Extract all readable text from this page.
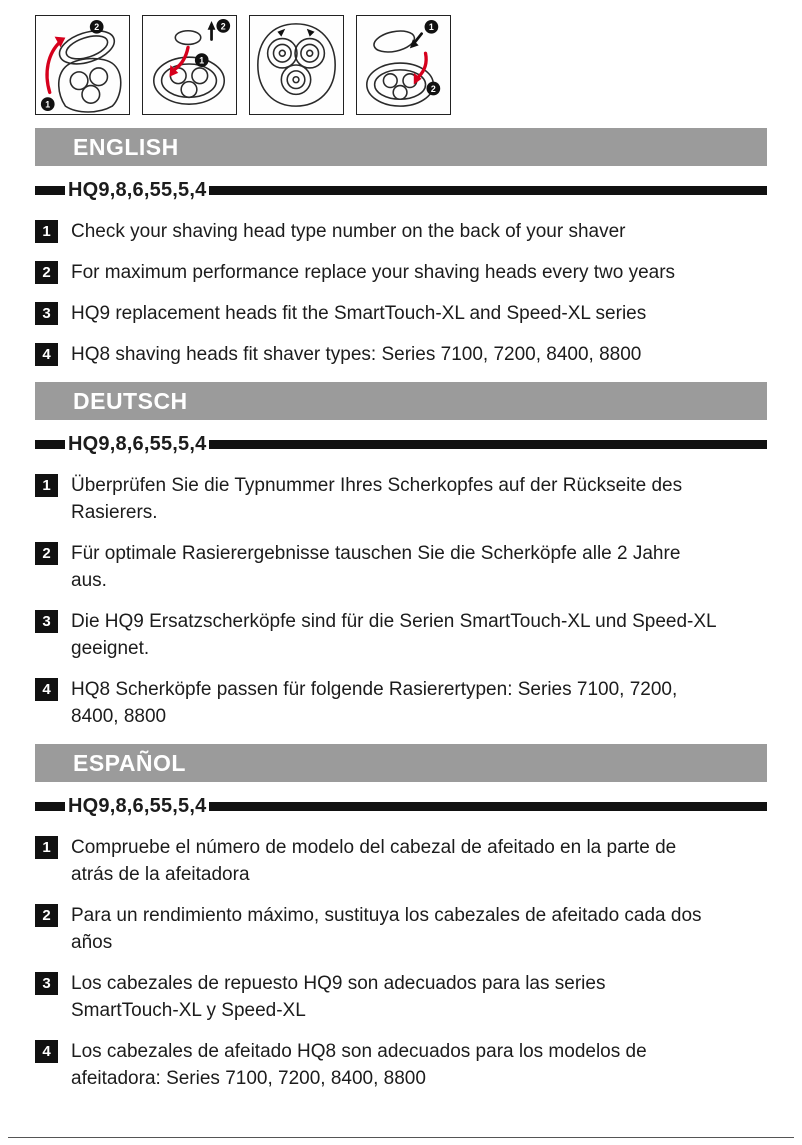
1
2	2
1
1
2
ENGLISH
HQ9,8,6,55,5,4
1	Check your shaving head type number on the back of your shaver
2	For maximum performance replace your shaving heads every two years
3	HQ9 replacement heads fit the SmartTouch-XL and Speed-XL series
4	HQ8 shaving heads fit shaver types: Series 7100, 7200, 8400, 8800
DEUTSCH
HQ9,8,6,55,5,4
1	Überprüfen Sie die Typnummer Ihres Scherkopfes auf der Rückseite des Rasierers.
2	Für optimale Rasierergebnisse tauschen Sie die Scherköpfe alle 2 Jahre aus.
3	Die HQ9 Ersatzscherköpfe sind für die Serien SmartTouch-XL und Speed-XL geeignet.
4	HQ8 Scherköpfe passen für folgende Rasierertypen: Series 7100, 7200, 8400, 8800
ESPAÑOL
HQ9,8,6,55,5,4
1	Compruebe el número de modelo del cabezal de afeitado en la parte de atrás de la afeitadora
2	Para un rendimiento máximo, sustituya los cabezales de afeitado cada dos años
3	Los cabezales de repuesto HQ9 son adecuados para las series SmartTouch-XL y Speed-XL
4	Los cabezales de afeitado HQ8 son adecuados para los modelos de afeitadora: Series 7100, 7200, 8400, 8800
